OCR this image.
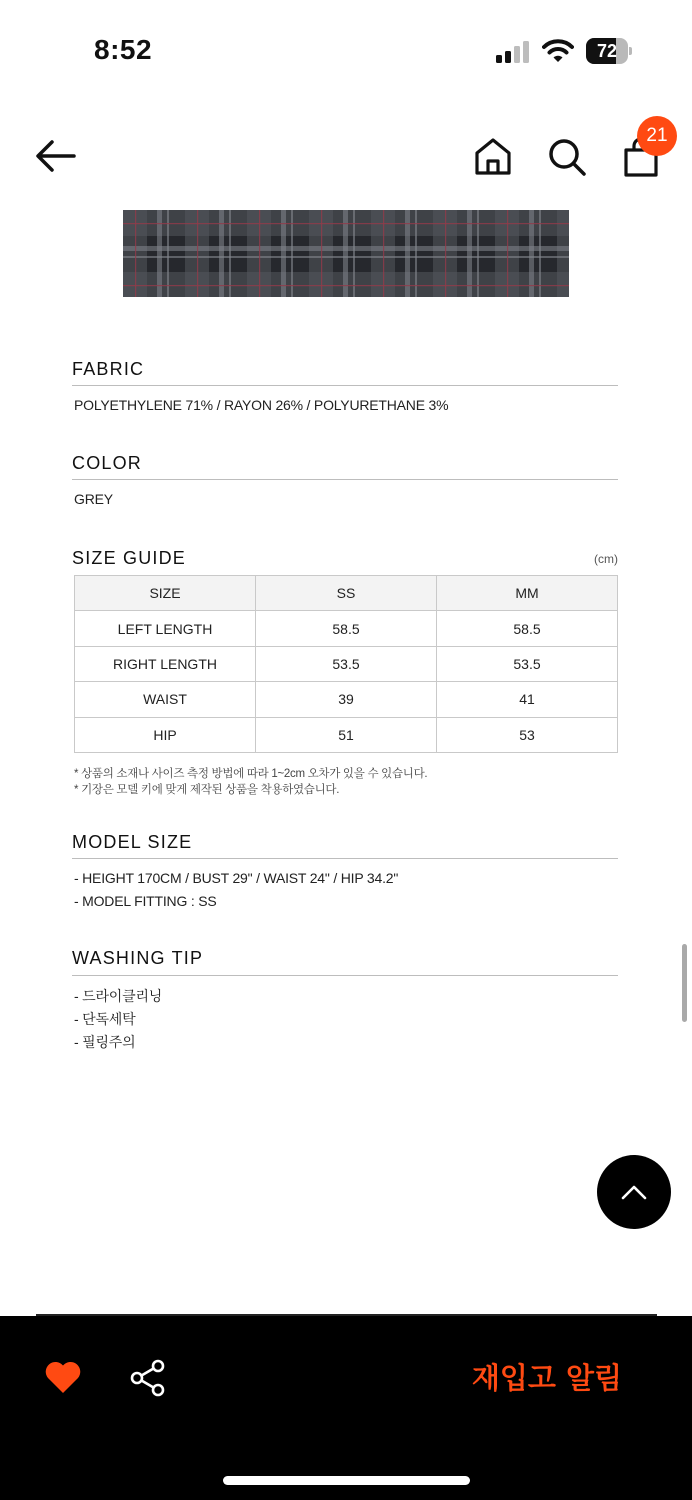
8:52	72
21
FABRIC
POLYETHYLENE 71% / RAYON 26% / POLYURETHANE 3%
COLOR
GREY
SIZE GUIDE	(cm)
SIZE	SS	MM
LEFT LENGTH	58.5	58.5
RIGHT LENGTH	53.5	53.5
WAIST	39	41
HIP	51	53
* 상품의 소재나 사이즈 측정 방법에 따라 1~2cm 오차가 있을 수 있습니다.
* 기장은 모델 키에 맞게 제작된 상품을 착용하였습니다.
MODEL SIZE
- HEIGHT 170CM / BUST 29" / WAIST 24" / HIP 34.2"
- MODEL FITTING : SS
WASHING TIP
- 드라이클리닝
- 단독세탁
- 필링주의
재입고 알림
